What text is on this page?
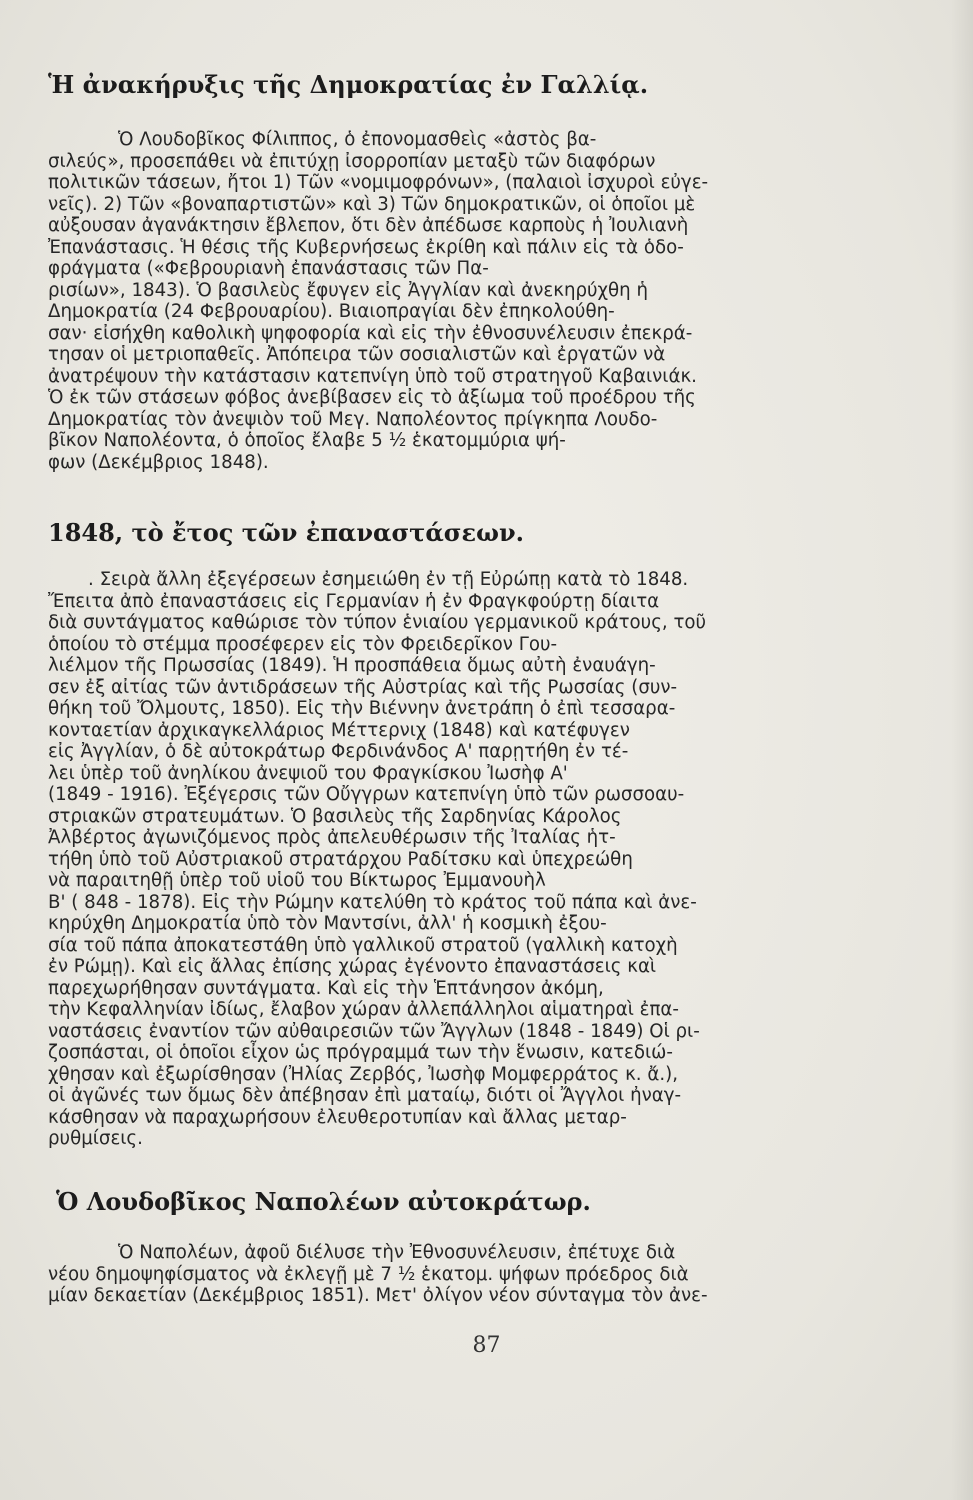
Ἡ ἀνακήρυξις τῆς Δημοκρατίας ἐν Γαλλίᾳ.
Ὁ Λουδοβῖκος Φίλιππος, ὁ ἐπονομασθεὶς «ἀστὸς βα-
σιλεύς», προσεπάθει νὰ ἐπιτύχῃ ἰσορροπίαν μεταξὺ τῶν διαφόρων
πολιτικῶν τάσεων, ἤτοι 1) Τῶν «νομιμοφρόνων», (παλαιοὶ ἰσχυροὶ εὐγε-
νεῖς). 2) Τῶν «βοναπαρτιστῶν» καὶ 3) Τῶν δημοκρατικῶν, οἱ ὁποῖοι μὲ
αὐξουσαν ἀγανάκτησιν ἔβλεπον, ὅτι δὲν ἀπέδωσε καρποὺς ἡ Ἰουλιανὴ
Ἐπανάστασις. Ἡ θέσις τῆς Κυβερνήσεως ἐκρίθη καὶ πάλιν εἰς τὰ ὁδο-
φράγματα («Φεβρουριανὴ ἐπανάστασις τῶν Πα-
ρισίων», 1843). Ὁ βασιλεὺς ἔφυγεν εἰς Ἀγγλίαν καὶ ἀνεκηρύχθη ἡ
Δημοκρατία (24 Φεβρουαρίου). Βιαιοπραγίαι δὲν ἐπηκολούθη-
σαν· εἰσήχθη καθολικὴ ψηφοφορία καὶ εἰς τὴν ἐθνοσυνέλευσιν ἐπεκρά-
τησαν οἱ μετριοπαθεῖς. Ἀπόπειρα τῶν σοσιαλιστῶν καὶ ἐργατῶν νὰ
ἀνατρέψουν τὴν κατάστασιν κατεπνίγη ὑπὸ τοῦ στρατηγοῦ Καβαινιάκ.
Ὁ ἐκ τῶν στάσεων φόβος ἀνεβίβασεν εἰς τὸ ἀξίωμα τοῦ προέδρου τῆς
Δημοκρατίας τὸν ἀνεψιὸν τοῦ Μεγ. Ναπολέοντος πρίγκηπα Λουδο-
βῖκον Ναπολέοντα, ὁ ὁποῖος ἔλαβε 5 ½ ἑκατομμύρια ψή-
φων (Δεκέμβριος 1848).
1848, τὸ ἔτος τῶν ἐπαναστάσεων.
. Σειρὰ ἄλλη ἐξεγέρσεων ἐσημειώθη ἐν τῇ Εὐρώπῃ κατὰ τὸ 1848.
Ἔπειτα ἀπὸ ἐπαναστάσεις εἰς Γερμανίαν ἡ ἐν Φραγκφούρτῃ δίαιτα
διὰ συντάγματος καθώρισε τὸν τύπον ἑνιαίου γερμανικοῦ κράτους, τοῦ
ὁποίου τὸ στέμμα προσέφερεν εἰς τὸν Φρειδερῖκον Γου-
λιέλμον τῆς Πρωσσίας (1849). Ἡ προσπάθεια ὅμως αὐτὴ ἐναυάγη-
σεν ἐξ αἰτίας τῶν ἀντιδράσεων τῆς Αὐστρίας καὶ τῆς Ρωσσίας (συν-
θήκη τοῦ Ὄλμουτς, 1850). Εἰς τὴν Βιέννην ἀνετράπη ὁ ἐπὶ τεσσαρα-
κονταετίαν ἀρχικαγκελλάριος Μέττερνιχ (1848) καὶ κατέφυγεν
εἰς Ἀγγλίαν, ὁ δὲ αὐτοκράτωρ Φερδινάνδος Α' παρῃτήθη ἐν τέ-
λει ὑπὲρ τοῦ ἀνηλίκου ἀνεψιοῦ του Φραγκίσκου Ἰωσὴφ Α'
(1849 - 1916). Ἐξέγερσις τῶν Οὔγγρων κατεπνίγη ὑπὸ τῶν ρωσσοαυ-
στριακῶν στρατευμάτων. Ὁ βασιλεὺς τῆς Σαρδηνίας Κάρολος
Ἀλβέρτος ἀγωνιζόμενος πρὸς ἀπελευθέρωσιν τῆς Ἰταλίας ἡτ-
τήθη ὑπὸ τοῦ Αὐστριακοῦ στρατάρχου Ραδίτσκυ καὶ ὑπεχρεώθη
νὰ παραιτηθῇ ὑπὲρ τοῦ υἱοῦ του Βίκτωρος Ἐμμανουὴλ
Β' ( 848 - 1878). Εἰς τὴν Ρώμην κατελύθη τὸ κράτος τοῦ πάπα καὶ ἀνε-
κηρύχθη Δημοκρατία ὑπὸ τὸν Μαντσίνι, ἀλλ' ἡ κοσμικὴ ἐξου-
σία τοῦ πάπα ἀποκατεστάθη ὑπὸ γαλλικοῦ στρατοῦ (γαλλικὴ κατοχὴ
ἐν Ρώμῃ). Καὶ εἰς ἄλλας ἐπίσης χώρας ἐγένοντο ἐπαναστάσεις καὶ
παρεχωρήθησαν συντάγματα. Καὶ εἰς τὴν Ἑπτάνησον ἀκόμη,
τὴν Κεφαλληνίαν ἰδίως, ἔλαβον χώραν ἀλλεπάλληλοι αἱματηραὶ ἐπα-
ναστάσεις ἐναντίον τῶν αὐθαιρεσιῶν τῶν Ἄγγλων (1848 - 1849) Οἱ ρι-
ζοσπάσται, οἱ ὁποῖοι εἶχον ὡς πρόγραμμά των τὴν ἕνωσιν, κατεδιώ-
χθησαν καὶ ἐξωρίσθησαν (Ἠλίας Ζερβός, Ἰωσὴφ Μομφερράτος κ. ἄ.),
οἱ ἀγῶνές των ὅμως δὲν ἀπέβησαν ἐπὶ ματαίῳ, διότι οἱ Ἄγγλοι ἠναγ-
κάσθησαν νὰ παραχωρήσουν ἐλευθεροτυπίαν καὶ ἄλλας μεταρ-
ρυθμίσεις.
Ὁ Λουδοβῖκος Ναπολέων αὐτοκράτωρ.
Ὁ Ναπολέων, ἀφοῦ διέλυσε τὴν Ἐθνοσυνέλευσιν, ἐπέτυχε διὰ
νέου δημοψηφίσματος νὰ ἐκλεγῇ μὲ 7 ½ ἑκατομ. ψήφων πρόεδρος διὰ
μίαν δεκαετίαν (Δεκέμβριος 1851). Μετ' ὀλίγον νέον σύνταγμα τὸν ἀνε-
87
